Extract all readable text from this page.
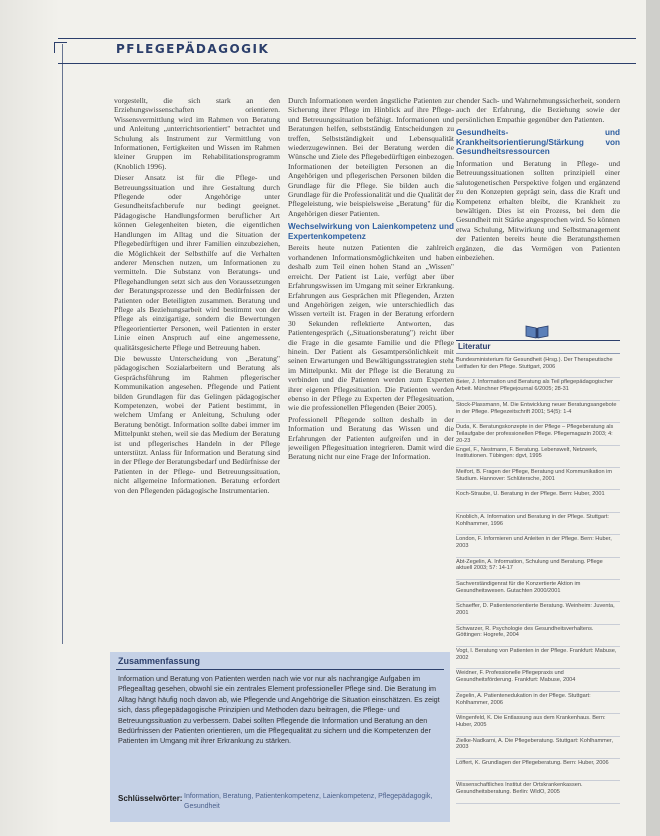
PFLEGEPÄDAGOGIK

vorgestellt, die sich stark an den Erziehungswissenschaften orientieren. Wissensvermittlung wird im Rahmen von Beratung und Anleitung „unterrichtsorientiert" betrachtet und Schulung als Instrument zur Vermittlung von Informationen, Fertigkeiten und Wissen im Rahmen kleiner Gruppen im Rehabilitationsprogramm (Knoblich 1996).

Dieser Ansatz ist für die Pflege- und Betreuungssituation und ihre Gestaltung durch Pflegende oder Angehörige unter Gesundheitsfachberufe nur bedingt geeignet. Pädagogische Handlungsformen beruflicher Art können Gelegenheiten bieten, die eigentlichen Handlungen im Alltag und die Situation der Pflegebedürftigen und ihrer Familien einzubeziehen, die Möglichkeit der Selbsthilfe auf die Verhalten anderer Menschen nutzen, um Informationen zu vermitteln. Die Substanz von Beratungs- und Pflegehandlungen setzt sich aus den Voraussetzungen der Beratungsprozesse und den Bedürfnissen der Patienten oder Beteiligten zusammen. Beratung und Pflege als Beziehungsarbeit wird bestimmt von der Pflege als einzigartige, sondern die Bewertungen Pflegeorientierter Personen, weil Patienten in erster Linie einen Anspruch auf eine angemessene, qualitätsgesicherte Pflege und Betreuung haben.

Die bewusste Unterscheidung von „Beratung" pädagogischen Sozialarbeitern und Beratung als Gesprächsführung im Rahmen pflegerischer Kommunikation angesehen. Pflegende und Patient bilden Grundlagen für das Gelingen pädagogischer Kompetenzen, wobei der Patient bestimmt, in welchem Umfang er Anleitung, Schulung oder Beratung benötigt. Information sollte dabei immer im Mittelpunkt stehen, weil sie das Medium der Beratung ist und pflegerisches Handeln in der Pflege unterstützt. Anlass für Information und Beratung sind in der Pflege der Beratungsbedarf und Bedürfnisse der Patienten in der Pflege- und Betreuungssituation, nicht allgemeine Informationen. Beratung erfordert von den Pflegenden pädagogische Instrumentarien.

Durch Informationen werden ängstliche Patienten zur Sicherung ihrer Pflege im Hinblick auf ihre Pflege- und Betreuungssituation befähigt. Informationen und Beratungen helfen, selbstständig Entscheidungen zu treffen, Selbstständigkeit und Lebensqualität wiederzugewinnen. Bei der Beratung werden die Wünsche und Ziele des Pflegebedürftigen einbezogen. Informationen der beteiligten Personen an die Angehörigen und pflegerischen Personen bilden die Grundlage für die Pflege. Sie bilden auch die Grundlage für die Professionalität und die Qualität der Pflegeleistung, wie beispielsweise „Beratung" für die Angehörigen dieser Patienten.

Wechselwirkung von Laienkompetenz und Expertenkompetenz

Bereits heute nutzen Patienten die zahlreich vorhandenen Informationsmöglichkeiten und haben deshalb zum Teil einen hohen Stand an „Wissen" erreicht. Der Patient ist Laie, verfügt aber über Erfahrungswissen im Umgang mit seiner Erkrankung. Erfahrungen aus Gesprächen mit Pflegenden, Ärzten und Angehörigen zeigen, wie unterschiedlich das Wissen verteilt ist. Fragen in der Beratung erfordern 30 Sekunden reflektierte Antworten, das Patientengespräch („Situationsberatung") reicht über die Frage in die gesamte Familie und die Pflege hinein. Der Patient als Gesamtpersönlichkeit mit seinen Erwartungen und Bewältigungsstrategien steht im Mittelpunkt. Mit der Pflege ist die Beratung zu verbinden und die Patienten werden zum Experten ihrer eigenen Pflegesituation. Die Patienten werden ebenso in der Pflege zu Experten der Pflegesituation, wie die professionellen Pflegenden (Beier 2005).

Professionell Pflegende sollten deshalb in der Information und Beratung das Wissen und die Erfahrungen der Patienten aufgreifen und in der jeweiligen Pflegesituation integrieren. Damit wird die Beratung nicht nur eine Frage der Information.

chender Sach- und Wahrnehmungssicherheit, sondern auch der Erfahrung, die Beziehung sowie der persönlichen Empathie gegenüber den Patienten.

Gesundheits- und Krankheitsorientierung/Stärkung von Gesundheitsressourcen

Information und Beratung in Pflege- und Betreuungssituationen sollten prinzipiell einer salutogenetischen Perspektive folgen und ergänzend zu den Konzepten geprägt sein, dass die Kraft und Kompetenz erhalten bleibt, die Krankheit zu bewältigen. Dies ist ein Prozess, bei dem die Gesundheit mit Stärke angesprochen wird. So können etwa Schulung, Mitwirkung und Selbstmanagement der Patienten bereits heute die Beratungsthemen ergänzen, die das Vermögen von Patienten einbeziehen.

Literatur
Bundesministerium für Gesundheit (Hrsg.). Der Therapeutische Leitfaden für den Pflege. Stuttgart, 2006
Beier, J. Information und Beratung als Teil pflegepädagogischer Arbeit. Münchner Pflegejournal 6/2005; 28-31
Stock-Plassmann, M. Die Entwicklung neuer Beratungsangebote in der Pflege. Pflegezeitschrift 2001; 54(5): 1-4
Duda, K. Beratungskonzepte in der Pflege – Pflegeberatung als Teilaufgabe der professionellen Pflege. Pflegemagazin 2003; 4: 20-23
Engel, F., Nestmann, F. Beratung. Lebenswelt, Netzwerk, Institutionen. Tübingen: dgvt, 1995
Meifort, B. Fragen der Pflege, Beratung und Kommunikation im Studium. Hannover: Schlütersche, 2001
Koch-Straube, U. Beratung in der Pflege. Bern: Huber, 2001
Knoblich, A. Information und Beratung in der Pflege. Stuttgart: Kohlhammer, 1996
London, F. Informieren und Anleiten in der Pflege. Bern: Huber, 2003
Abt-Zegelin, A. Information, Schulung und Beratung. Pflege aktuell 2003; 57: 14-17
Sachverständigenrat für die Konzertierte Aktion im Gesundheitswesen. Gutachten 2000/2001
Schaeffer, D. Patientenorientierte Beratung. Weinheim: Juventa, 2001
Schwarzer, R. Psychologie des Gesundheitsverhaltens. Göttingen: Hogrefe, 2004
Vogt, I. Beratung von Patienten in der Pflege. Frankfurt: Mabuse, 2002
Weidner, F. Professionelle Pflegepraxis und Gesundheitsförderung. Frankfurt: Mabuse, 2004
Zegelin, A. Patientenedukation in der Pflege. Stuttgart: Kohlhammer, 2006
Wingenfeld, K. Die Entlassung aus dem Krankenhaus. Bern: Huber, 2005
Zielke-Nadkarni, A. Die Pflegeberatung. Stuttgart: Kohlhammer, 2003
Löffert, K. Grundlagen der Pflegeberatung. Bern: Huber, 2006
Wissenschaftliches Institut der Ortskrankenkassen. Gesundheitsberatung. Berlin: WIdO, 2005
Zusammenfassung
Information und Beratung von Patienten werden nach wie vor nur als nachrangige Aufgaben im Pflegealltag gesehen, obwohl sie ein zentrales Element professioneller Pflege sind. Die Beratung im Alltag hängt häufig noch davon ab, wie Pflegende und Angehörige die Situation einschätzen. Es zeigt sich, dass pflegepädagogische Prinzipien und Methoden dazu beitragen, die Pflege- und Betreuungssituation zu verbessern. Dabei sollten Pflegende die Information und Beratung an den Bedürfnissen der Patienten orientieren, um die Pflegequalität zu sichern und die Kompetenzen der Patienten im Umgang mit ihrer Erkrankung zu stärken.
Schlüsselwörter: Information, Beratung, Patientenkompetenz, Laienkompetenz, Pflegepädagogik, Gesundheit
